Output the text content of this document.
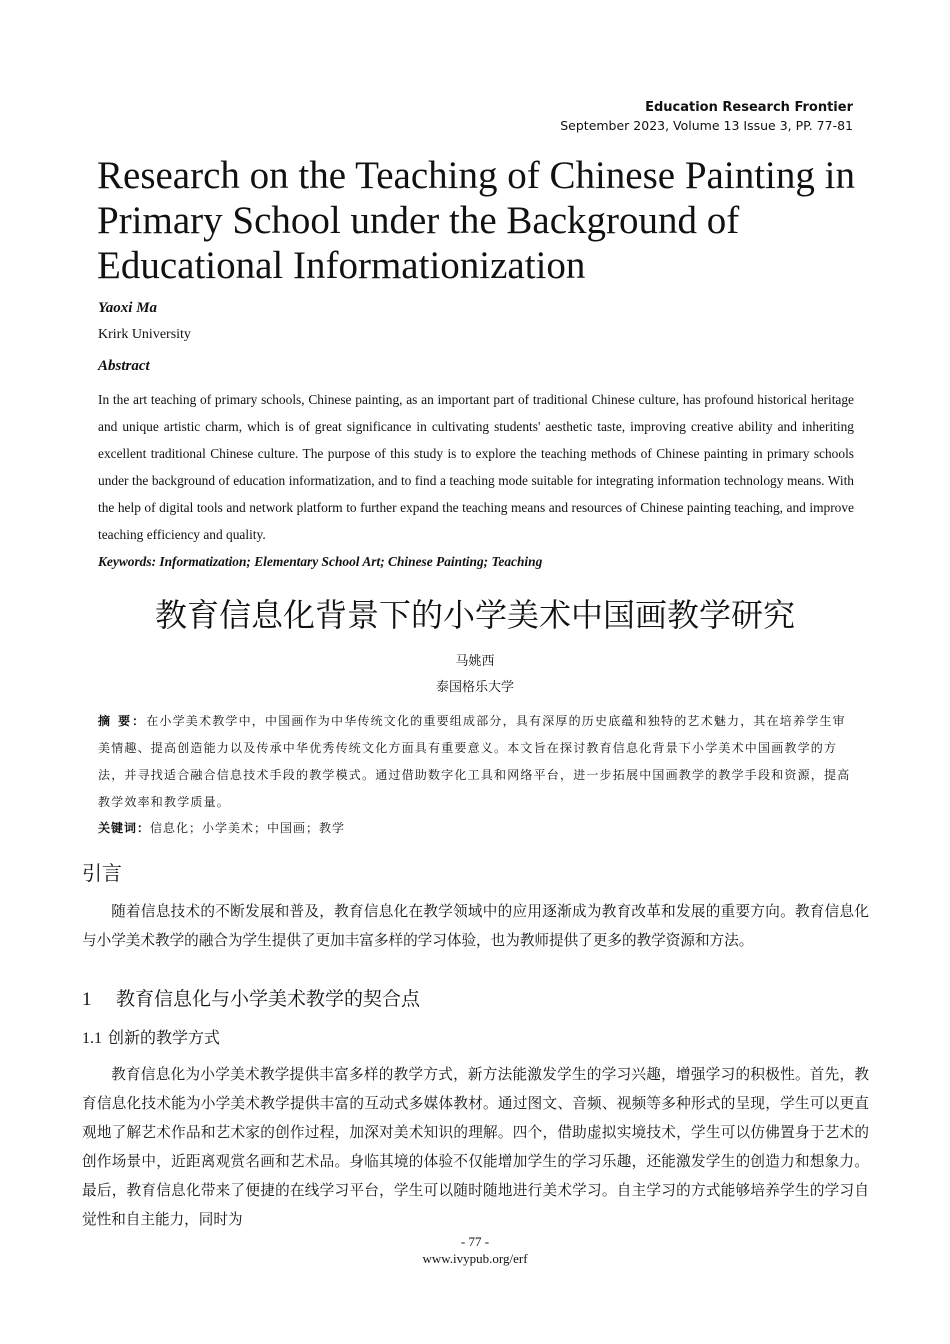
Education Research Frontier
September 2023, Volume 13 Issue 3, PP. 77-81
Research on the Teaching of Chinese Painting in Primary School under the Background of Educational Informationization
Yaoxi Ma
Krirk University
Abstract

In the art teaching of primary schools, Chinese painting, as an important part of traditional Chinese culture, has profound historical heritage and unique artistic charm, which is of great significance in cultivating students' aesthetic taste, improving creative ability and inheriting excellent traditional Chinese culture. The purpose of this study is to explore the teaching methods of Chinese painting in primary schools under the background of education informatization, and to find a teaching mode suitable for integrating information technology means. With the help of digital tools and network platform to further expand the teaching means and resources of Chinese painting teaching, and improve teaching efficiency and quality.

Keywords: Informatization; Elementary School Art; Chinese Painting; Teaching
教育信息化背景下的小学美术中国画教学研究
马姚西
泰国格乐大学

摘 要：在小学美术教学中，中国画作为中华传统文化的重要组成部分，具有深厚的历史底蕴和独特的艺术魅力，其在培养学生审美情趣、提高创造能力以及传承中华优秀传统文化方面具有重要意义。本文旨在探讨教育信息化背景下小学美术中国画教学的方法，并寻找适合融合信息技术手段的教学模式。通过借助数字化工具和网络平台，进一步拓展中国画教学的教学手段和资源，提高教学效率和教学质量。

关键词：信息化；小学美术；中国画；教学
引言

随着信息技术的不断发展和普及，教育信息化在教学领域中的应用逐渐成为教育改革和发展的重要方向。教育信息化与小学美术教学的融合为学生提供了更加丰富多样的学习体验，也为教师提供了更多的教学资源和方法。

1 教育信息化与小学美术教学的契合点
1.1 创新的教学方式

教育信息化为小学美术教学提供丰富多样的教学方式，新方法能激发学生的学习兴趣，增强学习的积极性。首先，教育信息化技术能为小学美术教学提供丰富的互动式多媒体教材。通过图文、音频、视频等多种形式的呈现，学生可以更直观地了解艺术作品和艺术家的创作过程，加深对美术知识的理解。四个，借助虚拟实境技术，学生可以仿佛置身于艺术的创作场景中，近距离观赏名画和艺术品。身临其境的体验不仅能增加学生的学习乐趣，还能激发学生的创造力和想象力。最后，教育信息化带来了便捷的在线学习平台，学生可以随时随地进行美术学习。自主学习的方式能够培养学生的学习自觉性和自主能力，同时为

- 77 -
www.ivypub.org/erf
